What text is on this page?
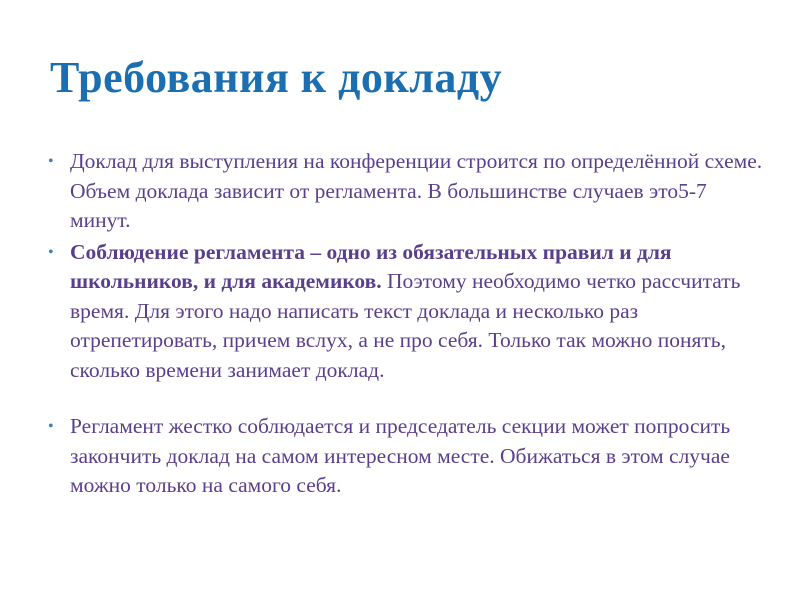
Требования к докладу
• Доклад для выступления на конференции строится по определённой схеме. Объем доклада зависит от регламента. В большинстве случаев это5-7 минут.
• Соблюдение регламента – одно из обязательных правил и для школьников, и для академиков. Поэтому необходимо четко рассчитать время. Для этого надо написать текст доклада и несколько раз отрепетировать, причем вслух, а не про себя. Только так можно понять, сколько времени занимает доклад.
• Регламент жестко соблюдается и председатель секции может попросить закончить доклад на самом интересном месте. Обижаться в этом случае можно только на самого себя.
